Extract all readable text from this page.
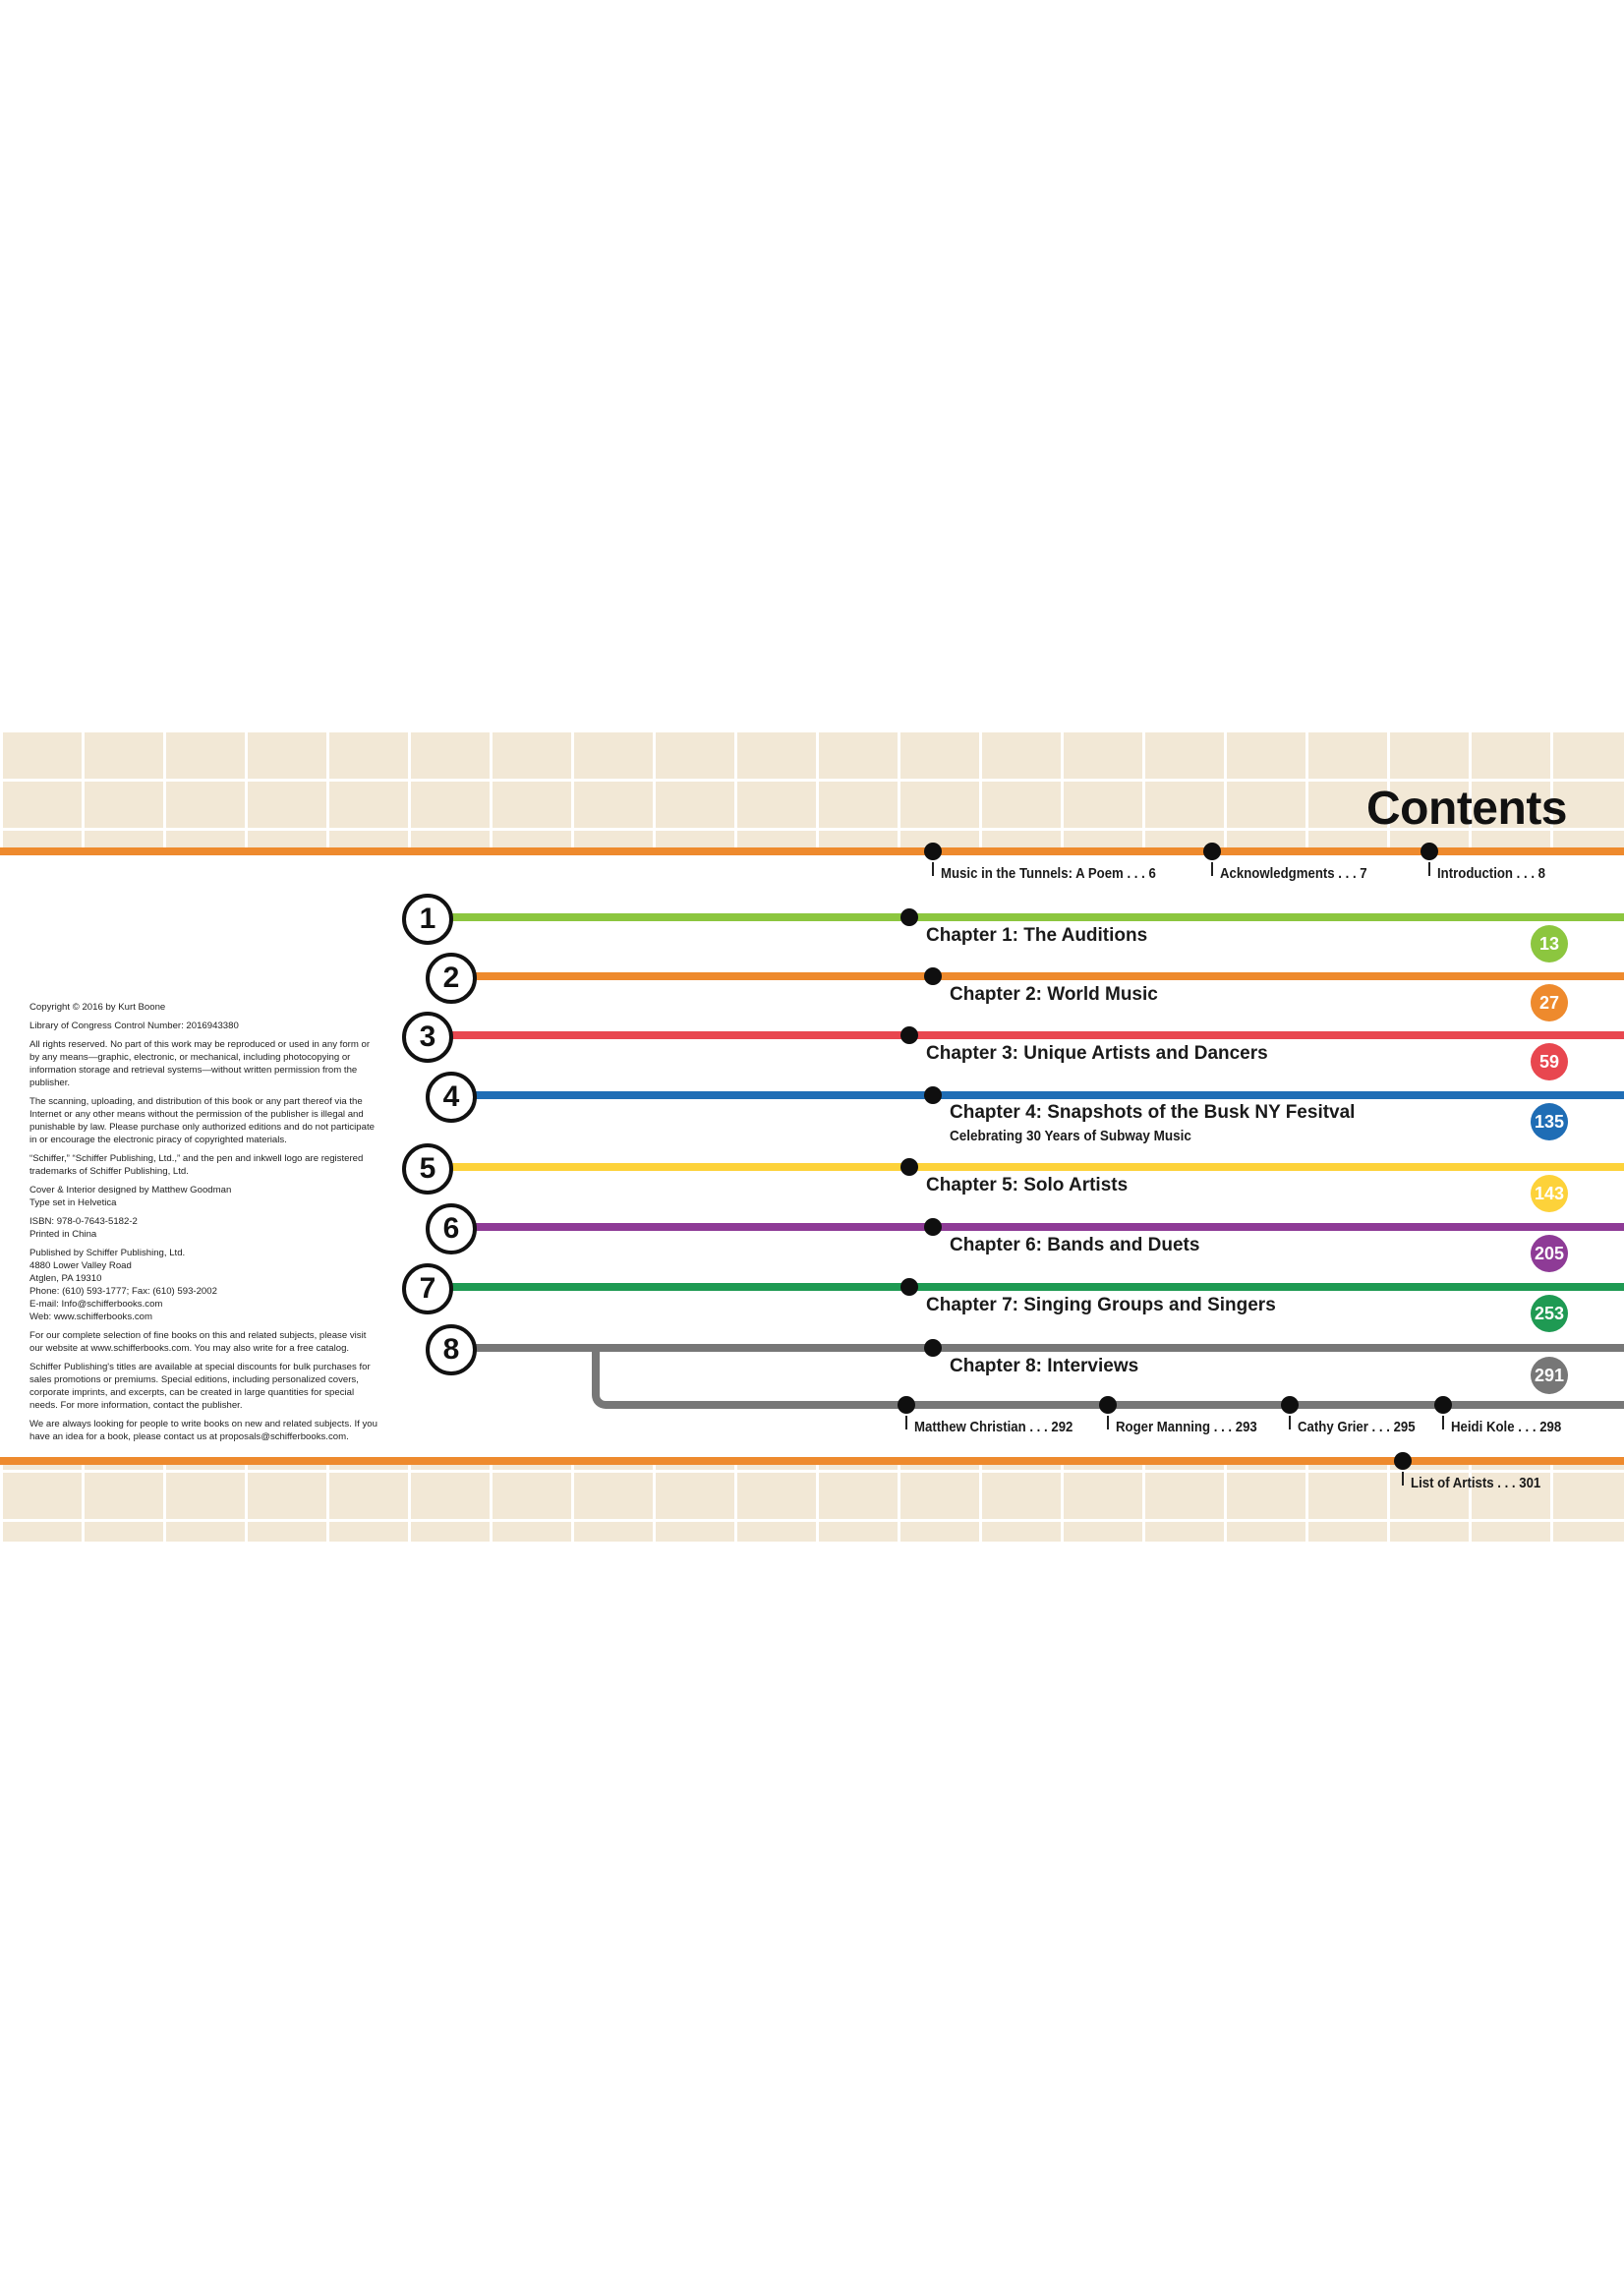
Contents
Music in the Tunnels: A Poem . . . 6	Acknowledgments . . . 7	Introduction . . . 8

Copyright © 2016 by Kurt Boone

Library of Congress Control Number: 2016943380

All rights reserved. No part of this work may be reproduced or used in any form or by any means—graphic, electronic, or mechanical, including photocopying or information storage and retrieval systems—without written permission from the publisher.

The scanning, uploading, and distribution of this book or any part thereof via the Internet or any other means without the permission of the publisher is illegal and punishable by law. Please purchase only authorized editions and do not participate in or encourage the electronic piracy of copyrighted materials.

“Schiffer,” “Schiffer Publishing, Ltd.,” and the pen and inkwell logo are registered trademarks of Schiffer Publishing, Ltd.

Cover & Interior designed by Matthew Goodman

Type set in Helvetica

ISBN: 978-0-7643-5182-2

Printed in China

Published by Schiffer Publishing, Ltd.

4880 Lower Valley Road

Atglen, PA 19310

Phone: (610) 593-1777; Fax: (610) 593-2002

E-mail: Info@schifferbooks.com

Web: www.schifferbooks.com

For our complete selection of fine books on this and related subjects, please visit our website at www.schifferbooks.com. You may also write for a free catalog.

Schiffer Publishing's titles are available at special discounts for bulk purchases for sales promotions or premiums. Special editions, including personalized covers, corporate imprints, and excerpts, can be created in large quantities for special needs. For more information, contact the publisher.

We are always looking for people to write books on new and related subjects. If you have an idea for a book, please contact us at proposals@schifferbooks.com.

1
Chapter 1: The Auditions	13
2
Chapter 2: World Music	27
3
Chapter 3: Unique Artists and Dancers	59
4	Chapter 4: Snapshots of the Busk NY Fesitval
Celebrating 30 Years of Subway Music
135
5
Chapter 5: Solo Artists	143
6
Chapter 6: Bands and Duets	205
7
Chapter 7: Singing Groups and Singers	253
8
Chapter 8: Interviews	291
Matthew Christian . . . 292	Roger Manning . . . 293	Cathy Grier . . . 295 Heidi Kole . . . 298
List of Artists . . . 301
